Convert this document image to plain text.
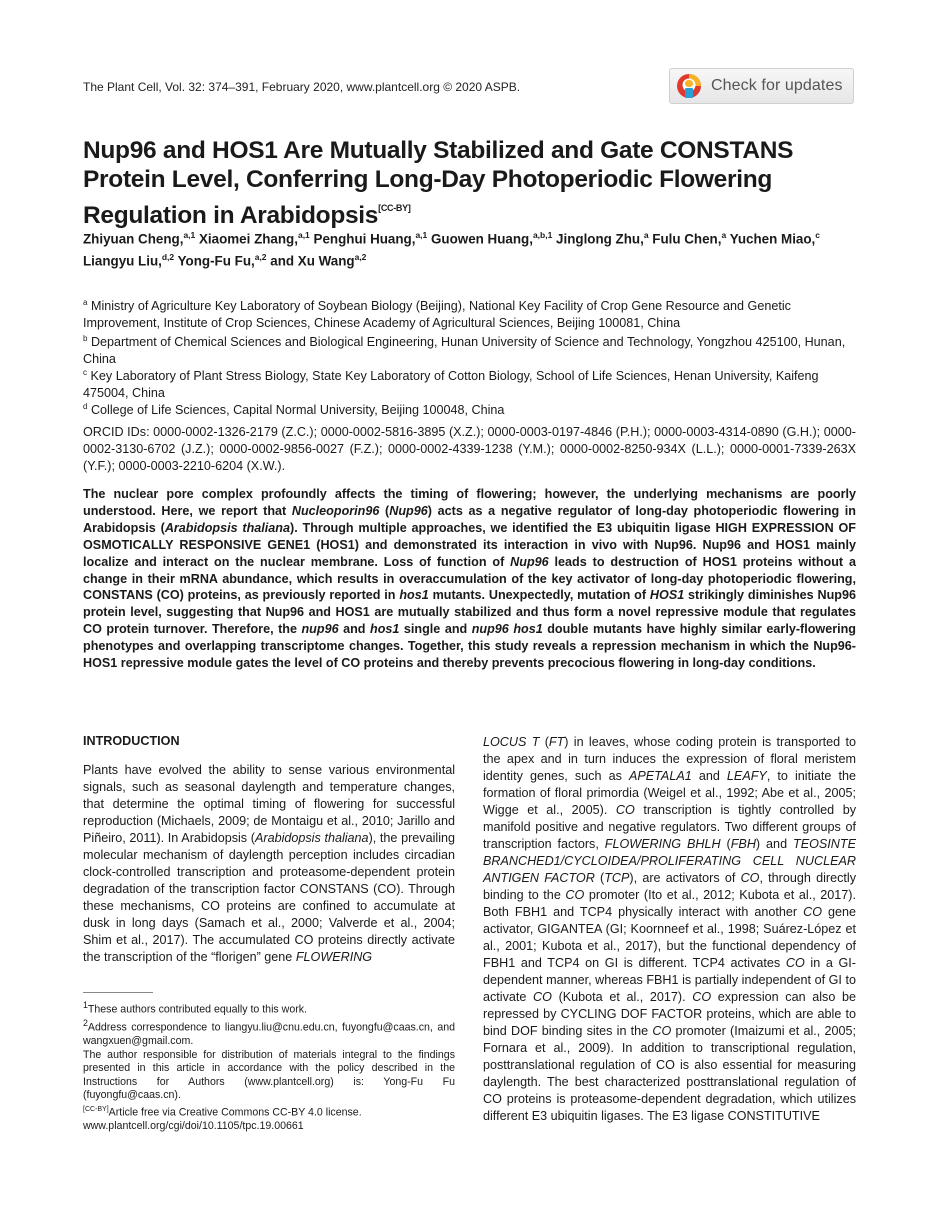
The Plant Cell, Vol. 32: 374–391, February 2020, www.plantcell.org © 2020 ASPB.	Check for updates
Nup96 and HOS1 Are Mutually Stabilized and Gate CONSTANS Protein Level, Conferring Long-Day Photoperiodic Flowering Regulation in Arabidopsis[CC-BY]
Zhiyuan Cheng,$^{a,1}$ Xiaomei Zhang,$^{a,1}$ Penghui Huang,$^{a,1}$ Guowen Huang,$^{a,b,1}$ Jinglong Zhu,$^a$ Fulu Chen,$^a$ Yuchen Miao,$^c$ Liangyu Liu,$^{d,2}$ Yong-Fu Fu,$^{a,2}$ and Xu Wang$^{a,2}$
$^a$ Ministry of Agriculture Key Laboratory of Soybean Biology (Beijing), National Key Facility of Crop Gene Resource and Genetic Improvement, Institute of Crop Sciences, Chinese Academy of Agricultural Sciences, Beijing 100081, China
$^b$ Department of Chemical Sciences and Biological Engineering, Hunan University of Science and Technology, Yongzhou 425100, Hunan, China
$^c$ Key Laboratory of Plant Stress Biology, State Key Laboratory of Cotton Biology, School of Life Sciences, Henan University, Kaifeng 475004, China
$^d$ College of Life Sciences, Capital Normal University, Beijing 100048, China
ORCID IDs: 0000-0002-1326-2179 (Z.C.); 0000-0002-5816-3895 (X.Z.); 0000-0003-0197-4846 (P.H.); 0000-0003-4314-0890 (G.H.); 0000-0002-3130-6702 (J.Z.); 0000-0002-9856-0027 (F.Z.); 0000-0002-4339-1238 (Y.M.); 0000-0002-8250-934X (L.L.); 0000-0001-7339-263X (Y.F.); 0000-0003-2210-6204 (X.W.).
The nuclear pore complex profoundly affects the timing of flowering; however, the underlying mechanisms are poorly understood. Here, we report that Nucleoporin96 (Nup96) acts as a negative regulator of long-day photoperiodic flowering in Arabidopsis (Arabidopsis thaliana). Through multiple approaches, we identified the E3 ubiquitin ligase HIGH EXPRESSION OF OSMOTICALLY RESPONSIVE GENE1 (HOS1) and demonstrated its interaction in vivo with Nup96. Nup96 and HOS1 mainly localize and interact on the nuclear membrane. Loss of function of Nup96 leads to destruction of HOS1 proteins without a change in their mRNA abundance, which results in overaccumulation of the key activator of long-day photoperiodic flowering, CONSTANS (CO) proteins, as previously reported in hos1 mutants. Unexpectedly, mutation of HOS1 strikingly diminishes Nup96 protein level, suggesting that Nup96 and HOS1 are mutually stabilized and thus form a novel repressive module that regulates CO protein turnover. Therefore, the nup96 and hos1 single and nup96 hos1 double mutants have highly similar early-flowering phenotypes and overlapping transcriptome changes. Together, this study reveals a repression mechanism in which the Nup96-HOS1 repressive module gates the level of CO proteins and thereby prevents precocious flowering in long-day conditions.
INTRODUCTION
Plants have evolved the ability to sense various environmental signals, such as seasonal daylength and temperature changes, that determine the optimal timing of flowering for successful reproduction (Michaels, 2009; de Montaigu et al., 2010; Jarillo and Piñeiro, 2011). In Arabidopsis (Arabidopsis thaliana), the prevailing molecular mechanism of daylength perception includes circadian clock-controlled transcription and proteasome-dependent protein degradation of the transcription factor CONSTANS (CO). Through these mechanisms, CO proteins are confined to accumulate at dusk in long days (Samach et al., 2000; Valverde et al., 2004; Shim et al., 2017). The accumulated CO proteins directly activate the transcription of the “florigen” gene FLOWERING
LOCUS T (FT) in leaves, whose coding protein is transported to the apex and in turn induces the expression of floral meristem identity genes, such as APETALA1 and LEAFY, to initiate the formation of floral primordia (Weigel et al., 1992; Abe et al., 2005; Wigge et al., 2005). CO transcription is tightly controlled by manifold positive and negative regulators. Two different groups of transcription factors, FLOWERING BHLH (FBH) and TEOSINTE BRANCHED1/CYCLOIDEA/PROLIFERATING CELL NUCLEAR ANTIGEN FACTOR (TCP), are activators of CO, through directly binding to the CO promoter (Ito et al., 2012; Kubota et al., 2017). Both FBH1 and TCP4 physically interact with another CO gene activator, GIGANTEA (GI; Koornneef et al., 1998; Suárez-López et al., 2001; Kubota et al., 2017), but the functional dependency of FBH1 and TCP4 on GI is different. TCP4 activates CO in a GI-dependent manner, whereas FBH1 is partially independent of GI to activate CO (Kubota et al., 2017). CO expression can also be repressed by CYCLING DOF FACTOR proteins, which are able to bind DOF binding sites in the CO promoter (Imaizumi et al., 2005; Fornara et al., 2009). In addition to transcriptional regulation, posttranslational regulation of CO is also essential for measuring daylength. The best characterized posttranslational regulation of CO proteins is proteasome-dependent degradation, which utilizes different E3 ubiquitin ligases. The E3 ligase CONSTITUTIVE
$^1$These authors contributed equally to this work.
$^2$Address correspondence to liangyu.liu@cnu.edu.cn, fuyongfu@caas.cn, and wangxuen@gmail.com.
The author responsible for distribution of materials integral to the findings presented in this article in accordance with the policy described in the Instructions for Authors (www.plantcell.org) is: Yong-Fu Fu (fuyongfu@caas.cn).
[CC-BY]Article free via Creative Commons CC-BY 4.0 license.
www.plantcell.org/cgi/doi/10.1105/tpc.19.00661
